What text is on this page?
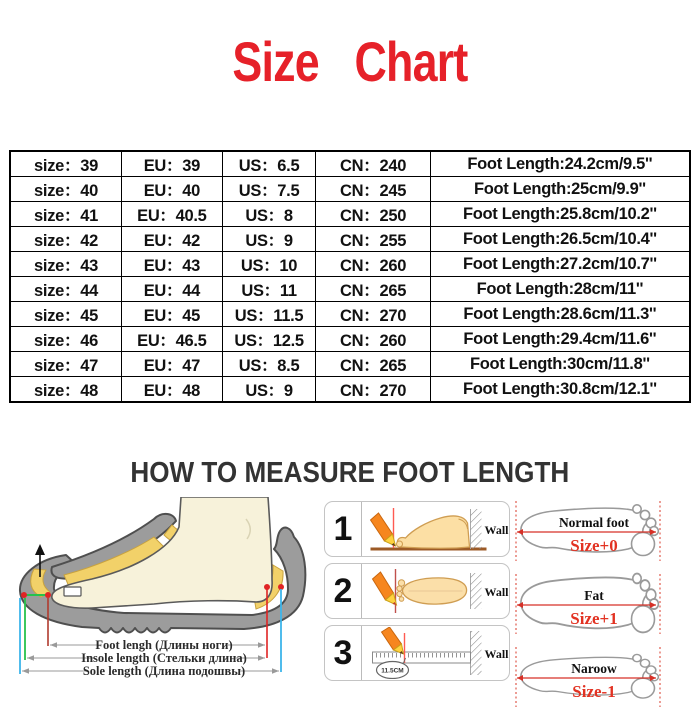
Size Chart
size：39	EU：39	US：6.5	CN：240	Foot Length:24.2cm/9.5''
size：40	EU：40	US：7.5	CN：245	Foot Length:25cm/9.9''
size：41	EU：40.5	US：8	CN：250	Foot Length:25.8cm/10.2''
size：42	EU：42	US：9	CN：255	Foot Length:26.5cm/10.4''
size：43	EU：43	US：10	CN：260	Foot Length:27.2cm/10.7''
size：44	EU：44	US：11	CN：265	Foot Length:28cm/11''
size：45	EU：45	US：11.5	CN：270	Foot Length:28.6cm/11.3''
size：46	EU：46.5	US：12.5	CN：260	Foot Length:29.4cm/11.6''
size：47	EU：47	US：8.5	CN：265	Foot Length:30cm/11.8''
size：48	EU：48	US：9	CN：270	Foot Length:30.8cm/12.1''
HOW TO MEASURE FOOT LENGTH
Foot lengh (Длины ноги)
Insole length (Стельки длина)
Sole length (Длина подошвы)
1	Wall
2	Wall
3	11.5CM
Wall
Normal foot
Size+0

Fat
Size+1

Naroow
Size-1
